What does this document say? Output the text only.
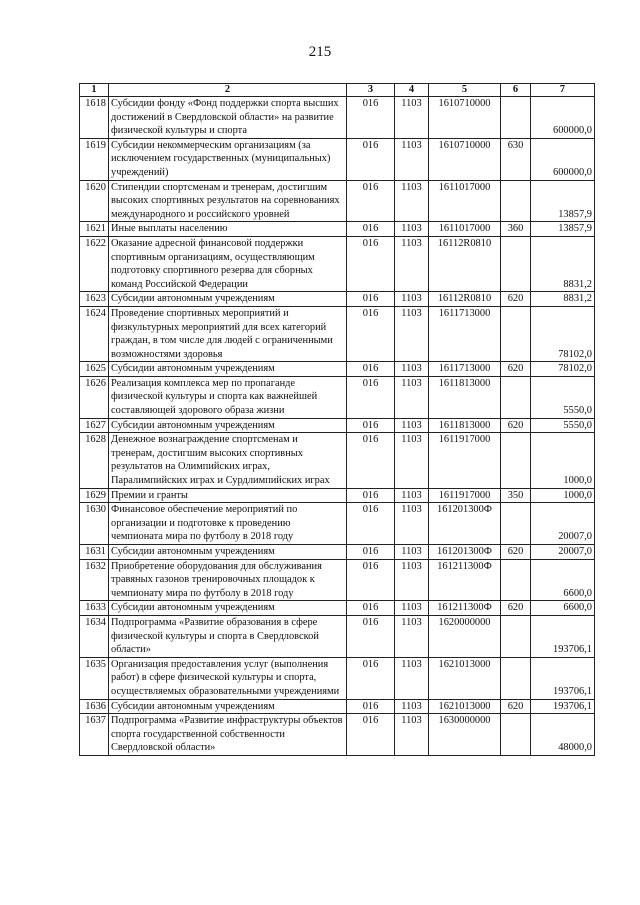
215
1	2	3	4	5	6	7
1618	Субсидии фонду «Фонд поддержки спорта высших достижений в Свердловской области» на развитие физической культуры и спорта	016	1103	1610710000		600000,0
1619	Субсидии некоммерческим организациям (за исключением государственных (муниципальных) учреждений)	016	1103	1610710000	630	600000,0
1620	Стипендии спортсменам и тренерам, достигшим высоких спортивных результатов на соревнованиях международного и российского уровней	016	1103	1611017000		13857,9
1621	Иные выплаты населению	016	1103	1611017000	360	13857,9
1622	Оказание адресной финансовой поддержки спортивным организациям, осуществляющим подготовку спортивного резерва для сборных команд Российской Федерации	016	1103	16112R0810		8831,2
1623	Субсидии автономным учреждениям	016	1103	16112R0810	620	8831,2
1624	Проведение спортивных мероприятий и физкультурных мероприятий для всех категорий граждан, в том числе для людей с ограниченными возможностями здоровья	016	1103	1611713000		78102,0
1625	Субсидии автономным учреждениям	016	1103	1611713000	620	78102,0
1626	Реализация комплекса мер по пропаганде физической культуры и спорта как важнейшей составляющей здорового образа жизни	016	1103	1611813000		5550,0
1627	Субсидии автономным учреждениям	016	1103	1611813000	620	5550,0
1628	Денежное вознаграждение спортсменам и тренерам, достигшим высоких спортивных результатов на Олимпийских играх, Паралимпийских играх и Сурдлимпийских играх	016	1103	1611917000		1000,0
1629	Премии и гранты	016	1103	1611917000	350	1000,0
1630	Финансовое обеспечение мероприятий по организации и подготовке к проведению чемпионата мира по футболу в 2018 году	016	1103	161201300Ф		20007,0
1631	Субсидии автономным учреждениям	016	1103	161201300Ф	620	20007,0
1632	Приобретение оборудования для обслуживания травяных газонов тренировочных площадок к чемпионату мира по футболу в 2018 году	016	1103	161211300Ф		6600,0
1633	Субсидии автономным учреждениям	016	1103	161211300Ф	620	6600,0
1634	Подпрограмма «Развитие образования в сфере физической культуры и спорта в Свердловской области»	016	1103	1620000000		193706,1
1635	Организация предоставления услуг (выполнения работ) в сфере физической культуры и спорта, осуществляемых образовательными учреждениями	016	1103	1621013000		193706,1
1636	Субсидии автономным учреждениям	016	1103	1621013000	620	193706,1
1637	Подпрограмма «Развитие инфраструктуры объектов спорта государственной собственности Свердловской области»	016	1103	1630000000		48000,0
